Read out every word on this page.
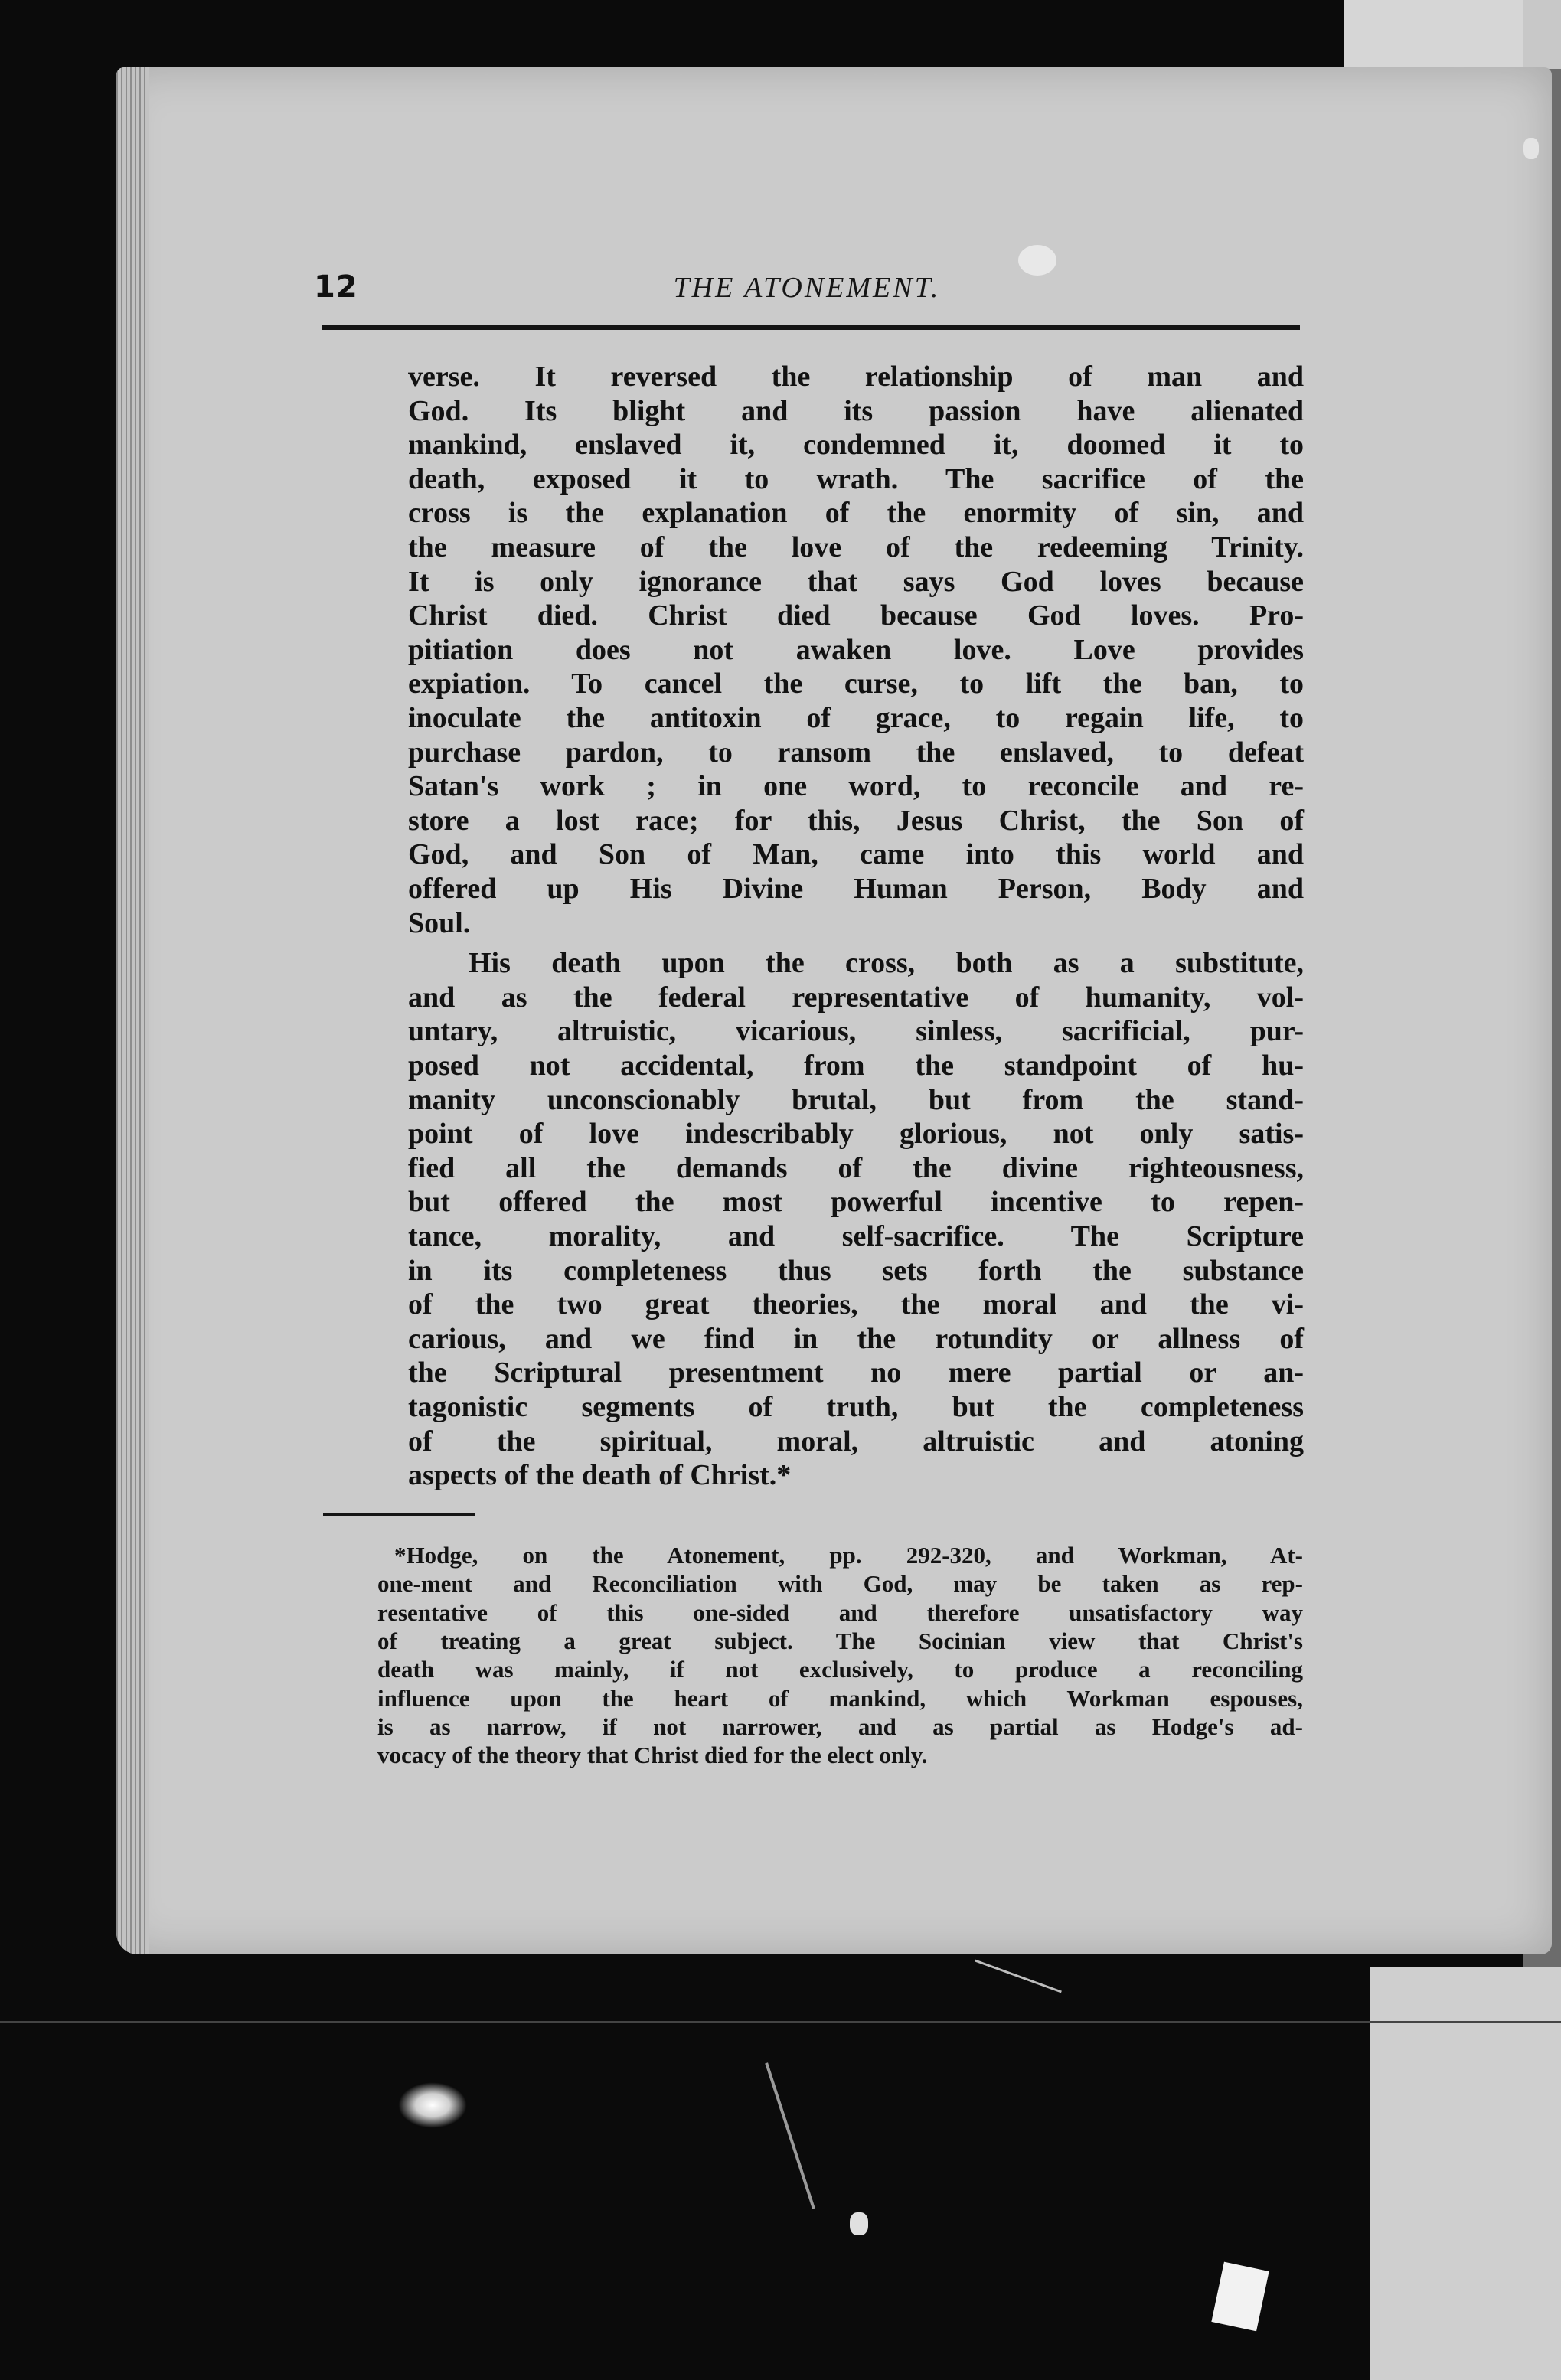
12	THE ATONEMENT.
verse. It reversed the relationship of man and
God. Its blight and its passion have alienated
mankind, enslaved it, condemned it, doomed it to
death, exposed it to wrath. The sacrifice of the
cross is the explanation of the enormity of sin, and
the measure of the love of the redeeming Trinity.
It is only ignorance that says God loves because
Christ died. Christ died because God loves. Pro-
pitiation does not awaken love. Love provides
expiation. To cancel the curse, to lift the ban, to
inoculate the antitoxin of grace, to regain life, to
purchase pardon, to ransom the enslaved, to defeat
Satan's work ; in one word, to reconcile and re-
store a lost race; for this, Jesus Christ, the Son of
God, and Son of Man, came into this world and
offered up His Divine Human Person, Body and
Soul.
His death upon the cross, both as a substitute,
and as the federal representative of humanity, vol-
untary, altruistic, vicarious, sinless, sacrificial, pur-
posed not accidental, from the standpoint of hu-
manity unconscionably brutal, but from the stand-
point of love indescribably glorious, not only satis-
fied all the demands of the divine righteousness,
but offered the most powerful incentive to repen-
tance, morality, and self-sacrifice. The Scripture
in its completeness thus sets forth the substance
of the two great theories, the moral and the vi-
carious, and we find in the rotundity or allness of
the Scriptural presentment no mere partial or an-
tagonistic segments of truth, but the completeness
of the spiritual, moral, altruistic and atoning
aspects of the death of Christ.*
*Hodge, on the Atonement, pp. 292-320, and Workman, At-
one-ment and Reconciliation with God, may be taken as rep-
resentative of this one-sided and therefore unsatisfactory way
of treating a great subject. The Socinian view that Christ's
death was mainly, if not exclusively, to produce a reconciling
influence upon the heart of mankind, which Workman espouses,
is as narrow, if not narrower, and as partial as Hodge's ad-
vocacy of the theory that Christ died for the elect only.
